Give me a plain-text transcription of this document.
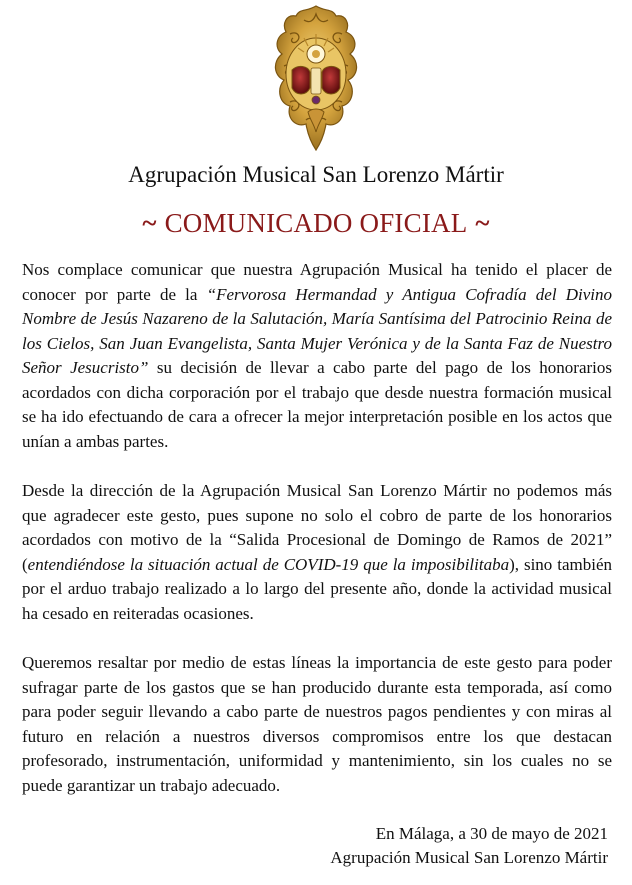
Agrupación Musical San Lorenzo Mártir
~ COMUNICADO OFICIAL ~

Nos complace comunicar que nuestra Agrupación Musical ha tenido el placer de conocer por parte de la “Fervorosa Hermandad y Antigua Cofradía del Divino Nombre de Jesús Nazareno de la Salutación, María Santísima del Patrocinio Reina de los Cielos, San Juan Evangelista, Santa Mujer Verónica y de la Santa Faz de Nuestro Señor Jesucristo” su decisión de llevar a cabo parte del pago de los honorarios acordados con dicha corporación por el trabajo que desde nuestra formación musical se ha ido efectuando de cara a ofrecer la mejor interpretación posible en los actos que unían a ambas partes.

Desde la dirección de la Agrupación Musical San Lorenzo Mártir no podemos más que agradecer este gesto, pues supone no solo el cobro de parte de los honorarios acordados con motivo de la “Salida Procesional de Domingo de Ramos de 2021” (entendiéndose la situación actual de COVID-19 que la imposibilitaba), sino también por el arduo trabajo realizado a lo largo del presente año, donde la actividad musical ha cesado en reiteradas ocasiones.

Queremos resaltar por medio de estas líneas la importancia de este gesto para poder sufragar parte de los gastos que se han producido durante esta temporada, así como para poder seguir llevando a cabo parte de nuestros pagos pendientes y con miras al futuro en relación a nuestros diversos compromisos entre los que destacan profesorado, instrumentación, uniformidad y mantenimiento, sin los cuales no se puede garantizar un trabajo adecuado.

En Málaga, a 30 de mayo de 2021
Agrupación Musical San Lorenzo Mártir
